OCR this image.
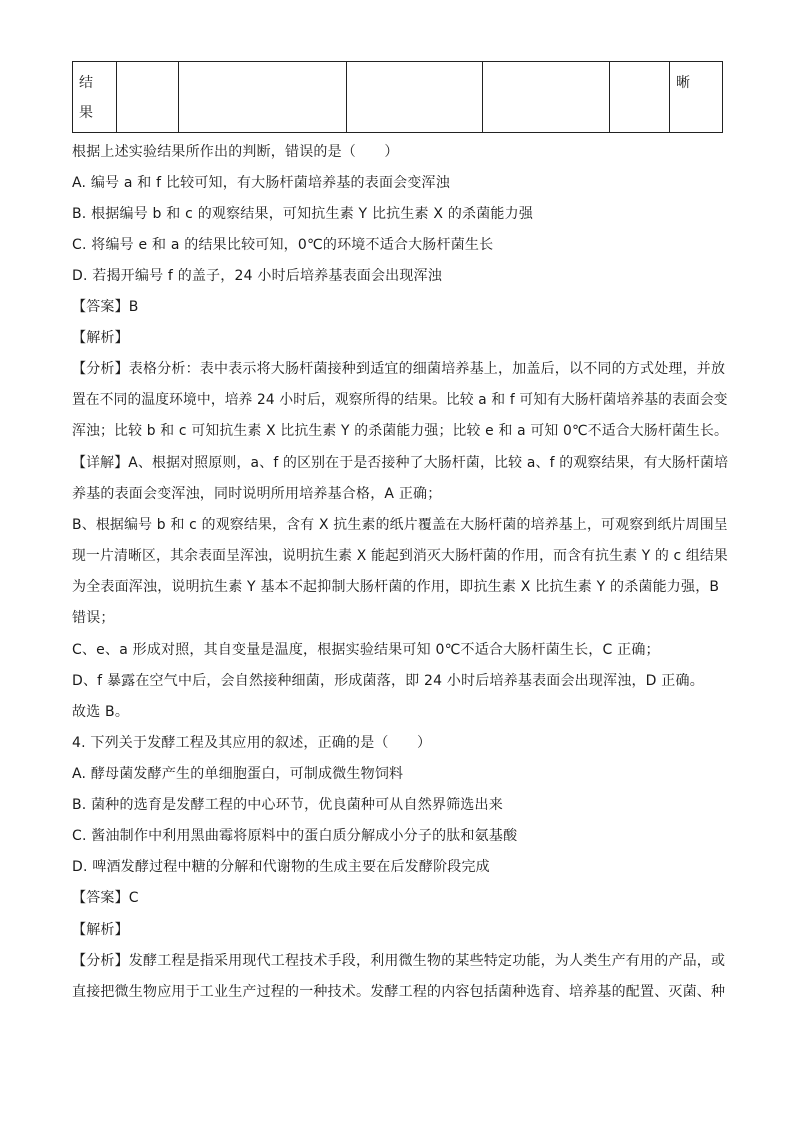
结
果
						晰
根据上述实验结果所作出的判断，错误的是（　　）
A. 编号 a 和 f 比较可知，有大肠杆菌培养基的表面会变浑浊
B. 根据编号 b 和 c 的观察结果，可知抗生素 Y 比抗生素 X 的杀菌能力强
C. 将编号 e 和 a 的结果比较可知，0℃的环境不适合大肠杆菌生长
D. 若揭开编号 f 的盖子，24 小时后培养基表面会出现浑浊
【答案】B
【解析】
【分析】表格分析：表中表示将大肠杆菌接种到适宜的细菌培养基上，加盖后，以不同的方式处理，并放
置在不同的温度环境中，培养 24 小时后，观察所得的结果。比较 a 和 f 可知有大肠杆菌培养基的表面会变
浑浊；比较 b 和 c 可知抗生素 X 比抗生素 Y 的杀菌能力强；比较 e 和 a 可知 0℃不适合大肠杆菌生长。
【详解】A、根据对照原则，a、f 的区别在于是否接种了大肠杆菌，比较 a、f 的观察结果，有大肠杆菌培
养基的表面会变浑浊，同时说明所用培养基合格，A 正确；
B、根据编号 b 和 c 的观察结果，含有 X 抗生素的纸片覆盖在大肠杆菌的培养基上，可观察到纸片周围呈
现一片清晰区，其余表面呈浑浊，说明抗生素 X 能起到消灭大肠杆菌的作用，而含有抗生素 Y 的 c 组结果
为全表面浑浊，说明抗生素 Y 基本不起抑制大肠杆菌的作用，即抗生素 X 比抗生素 Y 的杀菌能力强，B
错误；
C、e、a 形成对照，其自变量是温度，根据实验结果可知 0℃不适合大肠杆菌生长，C 正确；
D、f 暴露在空气中后，会自然接种细菌，形成菌落，即 24 小时后培养基表面会出现浑浊，D 正确。
故选 B。
4. 下列关于发酵工程及其应用的叙述，正确的是（　　）
A. 酵母菌发酵产生的单细胞蛋白，可制成微生物饲料
B. 菌种的选育是发酵工程的中心环节，优良菌种可从自然界筛选出来
C. 酱油制作中利用黑曲霉将原料中的蛋白质分解成小分子的肽和氨基酸
D. 啤酒发酵过程中糖的分解和代谢物的生成主要在后发酵阶段完成
【答案】C
【解析】
【分析】发酵工程是指采用现代工程技术手段，利用微生物的某些特定功能，为人类生产有用的产品，或
直接把微生物应用于工业生产过程的一种技术。发酵工程的内容包括菌种选育、培养基的配置、灭菌、种
